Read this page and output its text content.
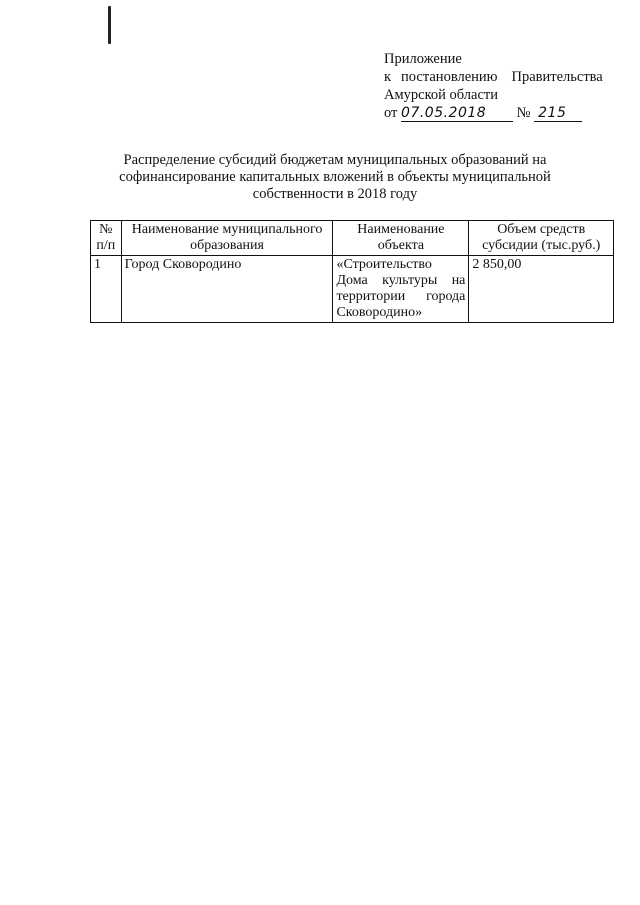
Приложение
к постановлению Правительства
Амурской области
от 07.05.2018 № 215
Распределение субсидий бюджетам муниципальных образований на софинансирование капитальных вложений в объекты муниципальной собственности в 2018 году
№ п/п	Наименование муниципального образования	Наименование объекта	Объем средств субсидии (тыс.руб.)
1	Город Сковородино	«Строительство Дома культуры на территории города Сковородино»	2 850,00
